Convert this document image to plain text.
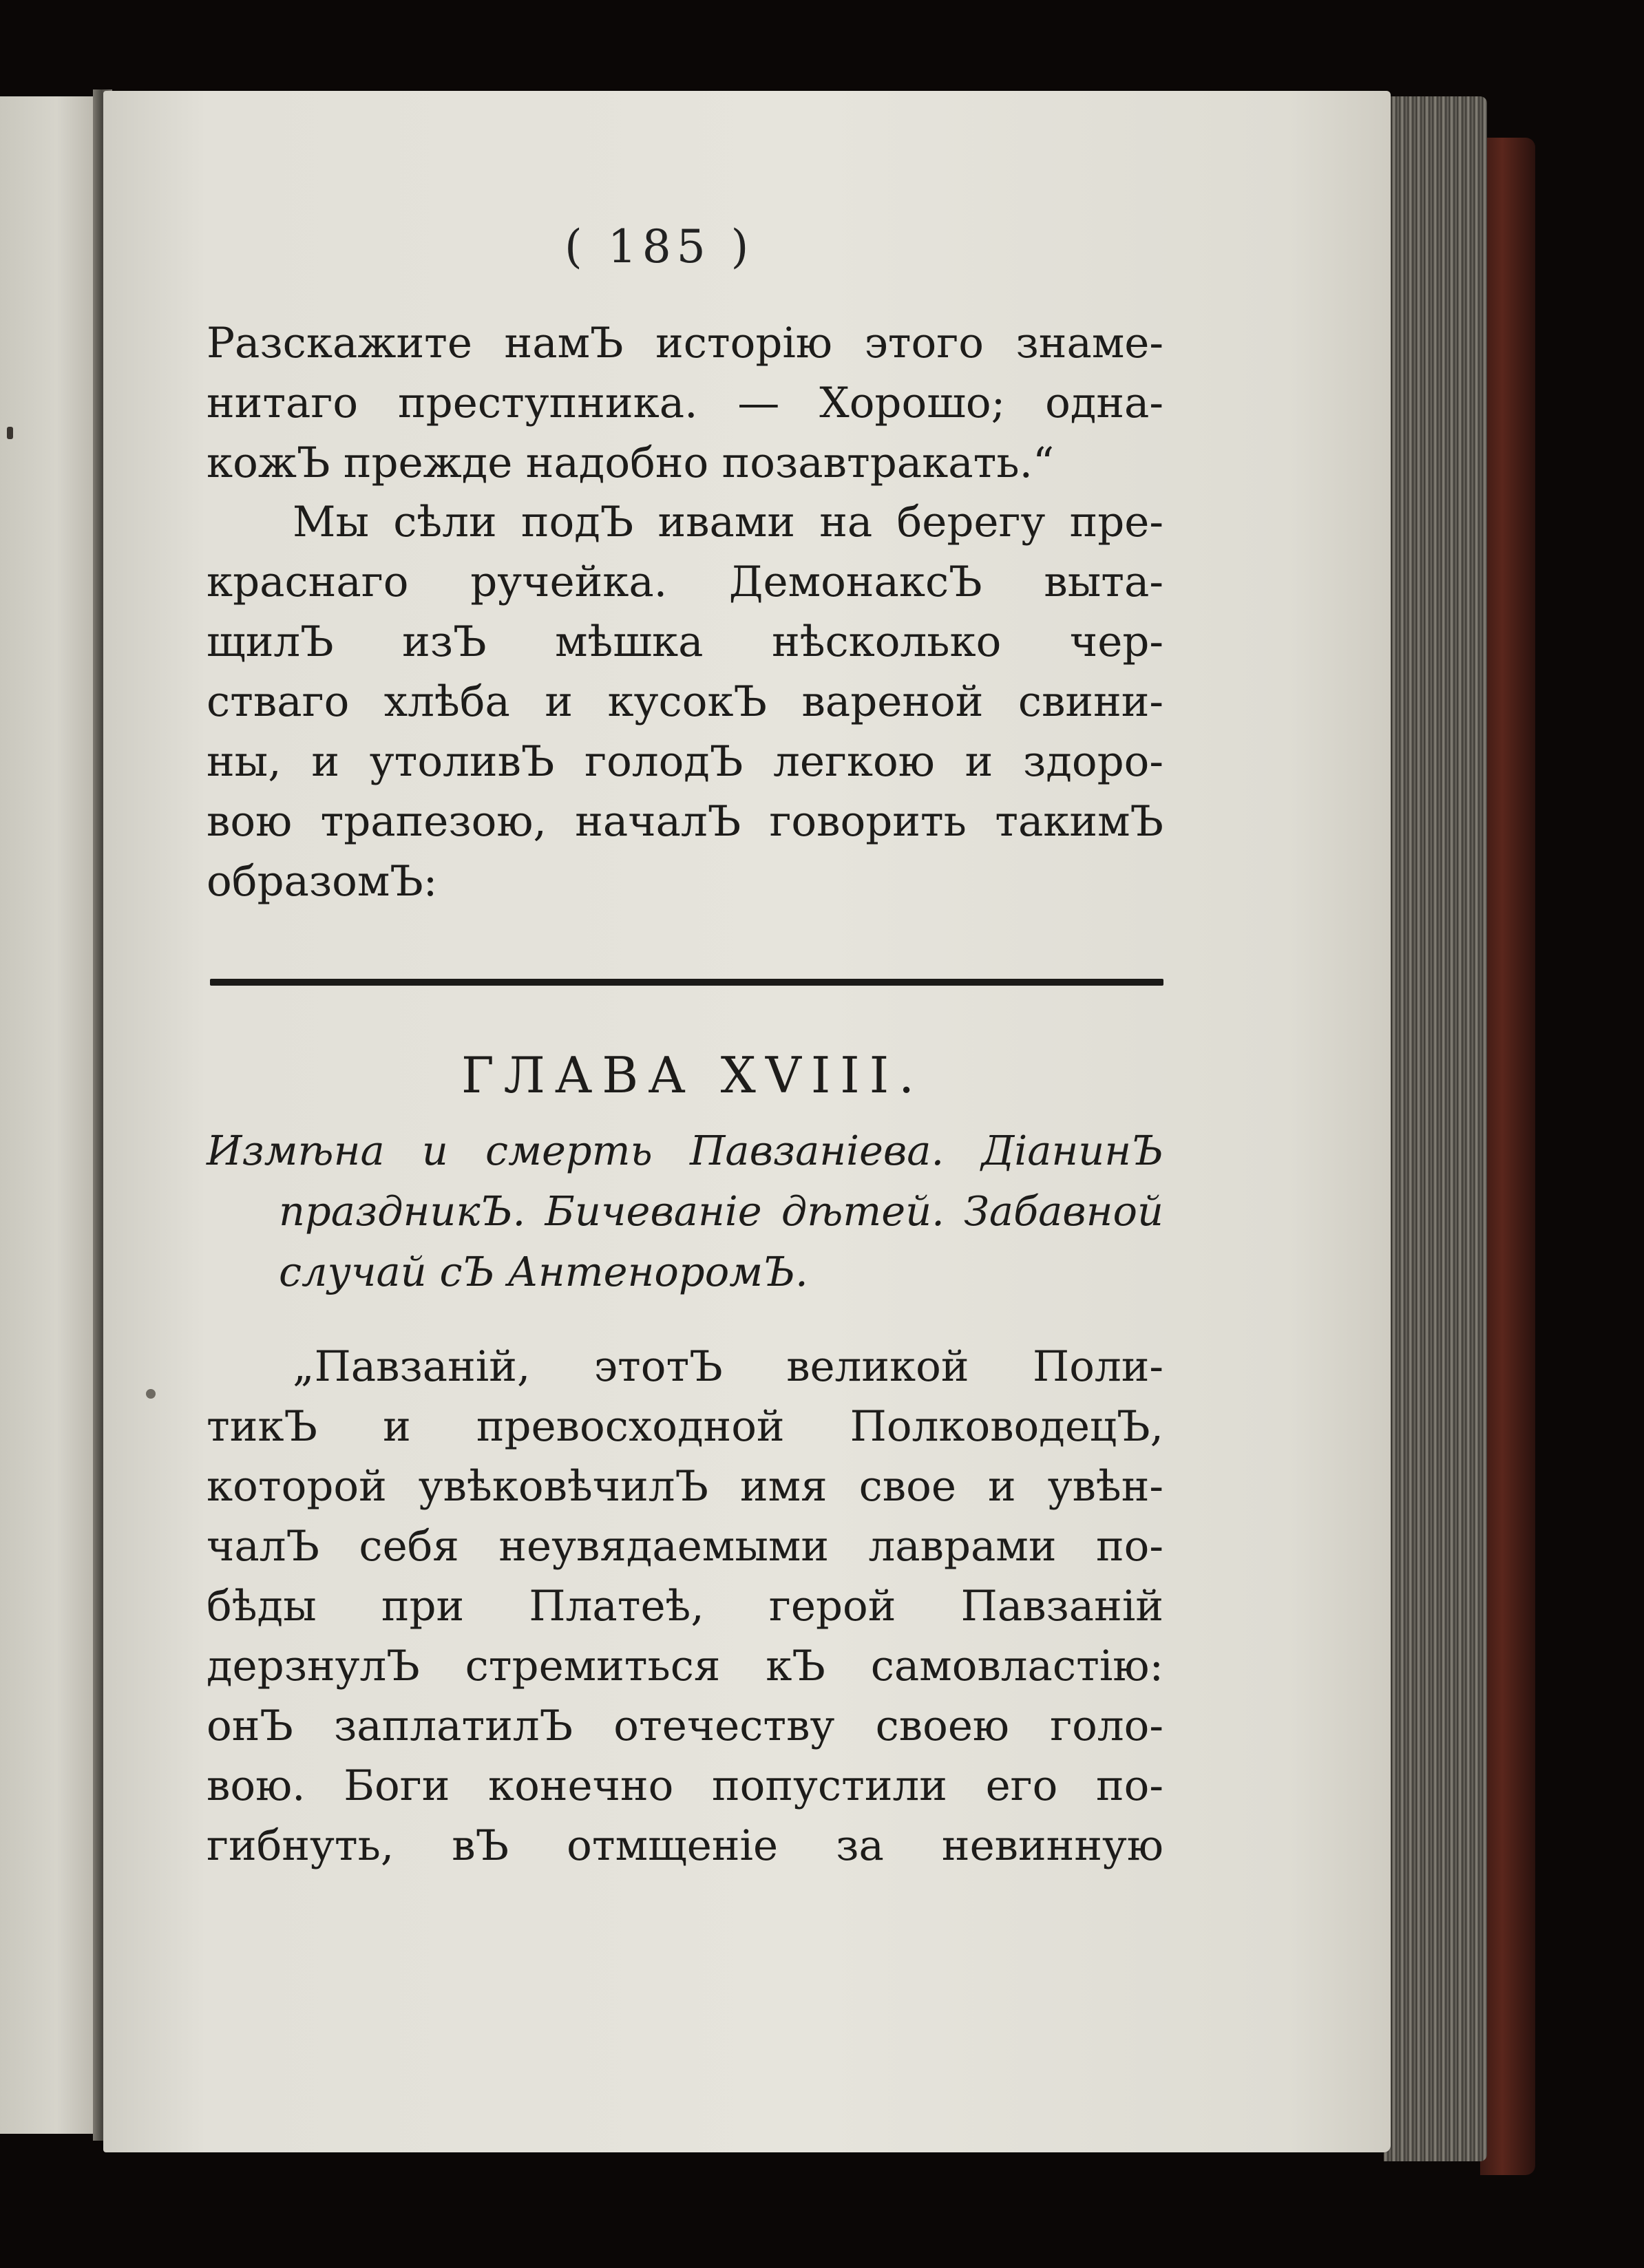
( 185 )
Разскажите намЪ исторію этого знаме-
нитаго преступника. — Хорошо; одна-
кожЪ прежде надобно позавтракать.“
Мы сѣли подЪ ивами на берегу пре-
краснаго ручейка. ДемонаксЪ выта-
щилЪ изЪ мѣшка нѣсколько чер-
стваго хлѣба и кусокЪ вареной свини-
ны, и утоливЪ голодЪ легкою и здоро-
вою трапезою, началЪ говорить такимЪ
образомЪ:
ГЛАВА XVIII.
Измѣна и смерть Павзаніева. ДіанинЪ
праздникЪ. Бичеваніе дѣтей. Забавной
случай сЪ АнтеноромЪ.
„Павзаній, этотЪ великой Поли-
тикЪ и превосходной ПолководецЪ,
которой увѣковѣчилЪ имя свое и увѣн-
чалЪ себя неувядаемыми лаврами по-
бѣды при Платеѣ, герой Павзаній
дерзнулЪ стремиться кЪ самовластію:
онЪ заплатилЪ отечеству своею голо-
вою. Боги конечно попустили его по-
гибнуть, вЪ отмщеніе за невинную
